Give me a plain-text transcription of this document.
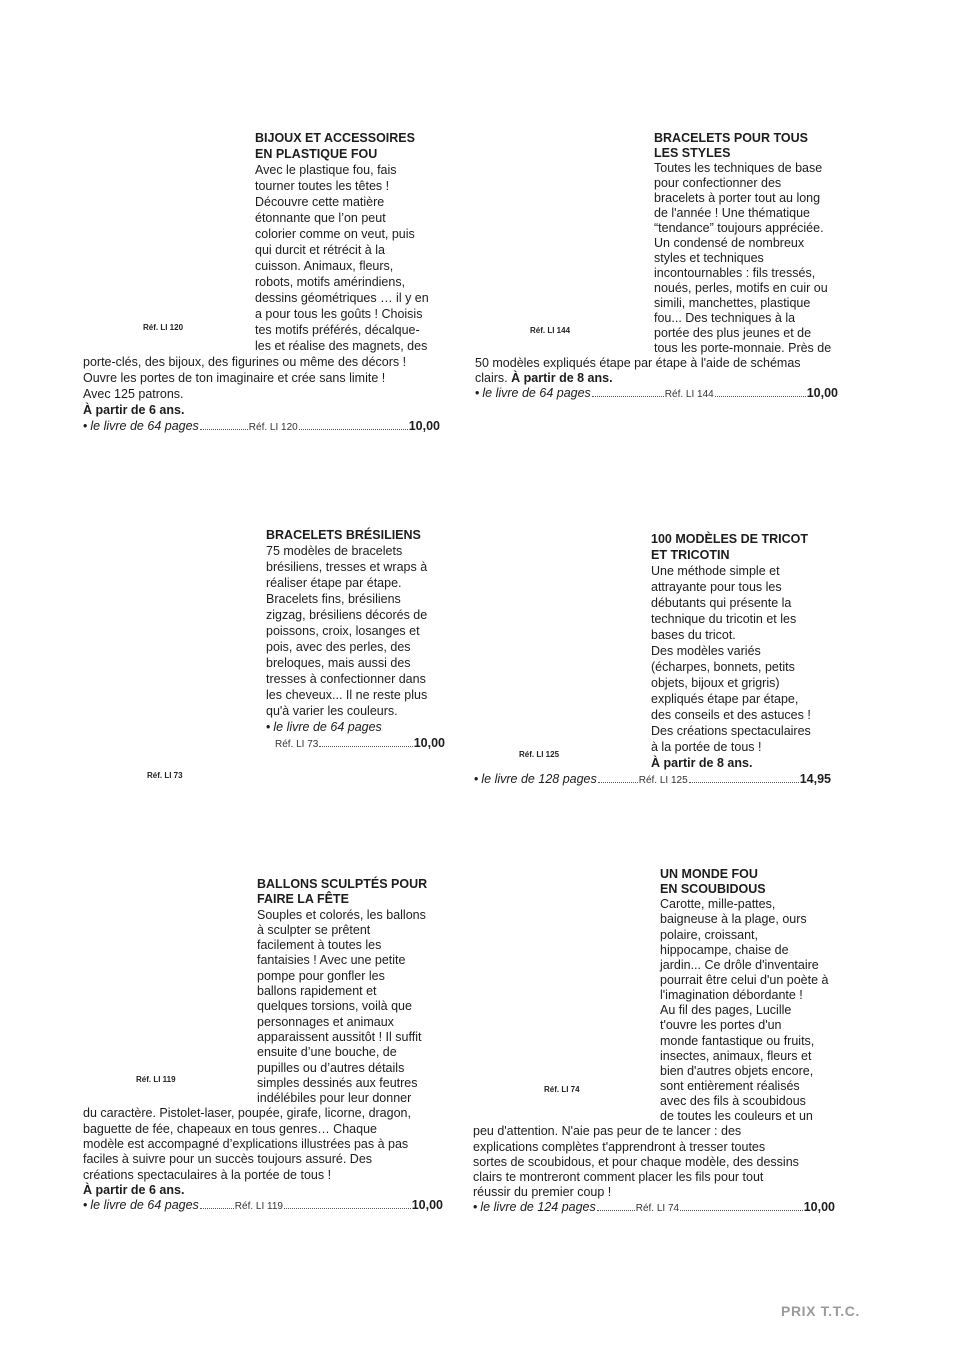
Réf. LI 120
BIJOUX ET ACCESSOIRES
EN PLASTIQUE FOU
Avec le plastique fou, fais
tourner toutes les têtes !
Découvre cette matière
étonnante que l’on peut
colorier comme on veut, puis
qui durcit et rétrécit à la
cuisson. Animaux, fleurs,
robots, motifs amérindiens,
dessins géométriques … il y en
a pour tous les goûts ! Choisis
tes motifs préférés, décalque-
les et réalise des magnets, des
porte-clés, des bijoux, des figurines ou même des décors !
Ouvre les portes de ton imaginaire et crée sans limite !
Avec 125 patrons.
À partir de 6 ans.
• le livre de 64 pages	Réf. LI 120	10,00
Réf. LI 144
BRACELETS POUR TOUS
LES STYLES
Toutes les techniques de base
pour confectionner des
bracelets à porter tout au long
de l'année ! Une thématique
“tendance” toujours appréciée.
Un condensé de nombreux
styles et techniques
incontournables : fils tressés,
noués, perles, motifs en cuir ou
simili, manchettes, plastique
fou... Des techniques à la
portée des plus jeunes et de
tous les porte-monnaie. Près de
50 modèles expliqués étape par étape à l'aide de schémas
clairs. À partir de 8 ans.
• le livre de 64 pages	Réf. LI 144	10,00
Réf. LI 73
BRACELETS BRÉSILIENS
75 modèles de bracelets
brésiliens, tresses et wraps à
réaliser étape par étape.
Bracelets fins, brésiliens
zigzag, brésiliens décorés de
poissons, croix, losanges et
pois, avec des perles, des
breloques, mais aussi des
tresses à confectionner dans
les cheveux... Il ne reste plus
qu'à varier les couleurs.
• le livre de 64 pages
Réf. LI 73	10,00
Réf. LI 125
100 MODÈLES DE TRICOT
ET TRICOTIN
Une méthode simple et
attrayante pour tous les
débutants qui présente la
technique du tricotin et les
bases du tricot.
Des modèles variés
(écharpes, bonnets, petits
objets, bijoux et grigris)
expliqués étape par étape,
des conseils et des astuces !
Des créations spectaculaires
à la portée de tous !
À partir de 8 ans.
• le livre de 128 pages	Réf. LI 125	14,95
Réf. LI 119
BALLONS SCULPTÉS POUR
FAIRE LA FÊTE
Souples et colorés, les ballons
à sculpter se prêtent
facilement à toutes les
fantaisies ! Avec une petite
pompe pour gonfler les
ballons rapidement et
quelques torsions, voilà que
personnages et animaux
apparaissent aussitôt ! Il suffit
ensuite d’une bouche, de
pupilles ou d’autres détails
simples dessinés aux feutres
indélébiles pour leur donner
du caractère. Pistolet-laser, poupée, girafe, licorne, dragon,
baguette de fée, chapeaux en tous genres… Chaque
modèle est accompagné d’explications illustrées pas à pas
faciles à suivre pour un succès toujours assuré. Des
créations spectaculaires à la portée de tous !
À partir de 6 ans.
• le livre de 64 pages	Réf. LI 119	10,00
Réf. LI 74
UN MONDE FOU
EN SCOUBIDOUS
Carotte, mille-pattes,
baigneuse à la plage, ours
polaire, croissant,
hippocampe, chaise de
jardin... Ce drôle d'inventaire
pourrait être celui d'un poète à
l'imagination débordante !
Au fil des pages, Lucille
t'ouvre les portes d'un
monde fantastique ou fruits,
insectes, animaux, fleurs et
bien d'autres objets encore,
sont entièrement réalisés
avec des fils à scoubidous
de toutes les couleurs et un
peu d'attention. N'aie pas peur de te lancer : des
explications complètes t'apprendront à tresser toutes
sortes de scoubidous, et pour chaque modèle, des dessins
clairs te montreront comment placer les fils pour tout
réussir du premier coup !
• le livre de 124 pages	Réf. LI 74	10,00
PRIX T.T.C.
